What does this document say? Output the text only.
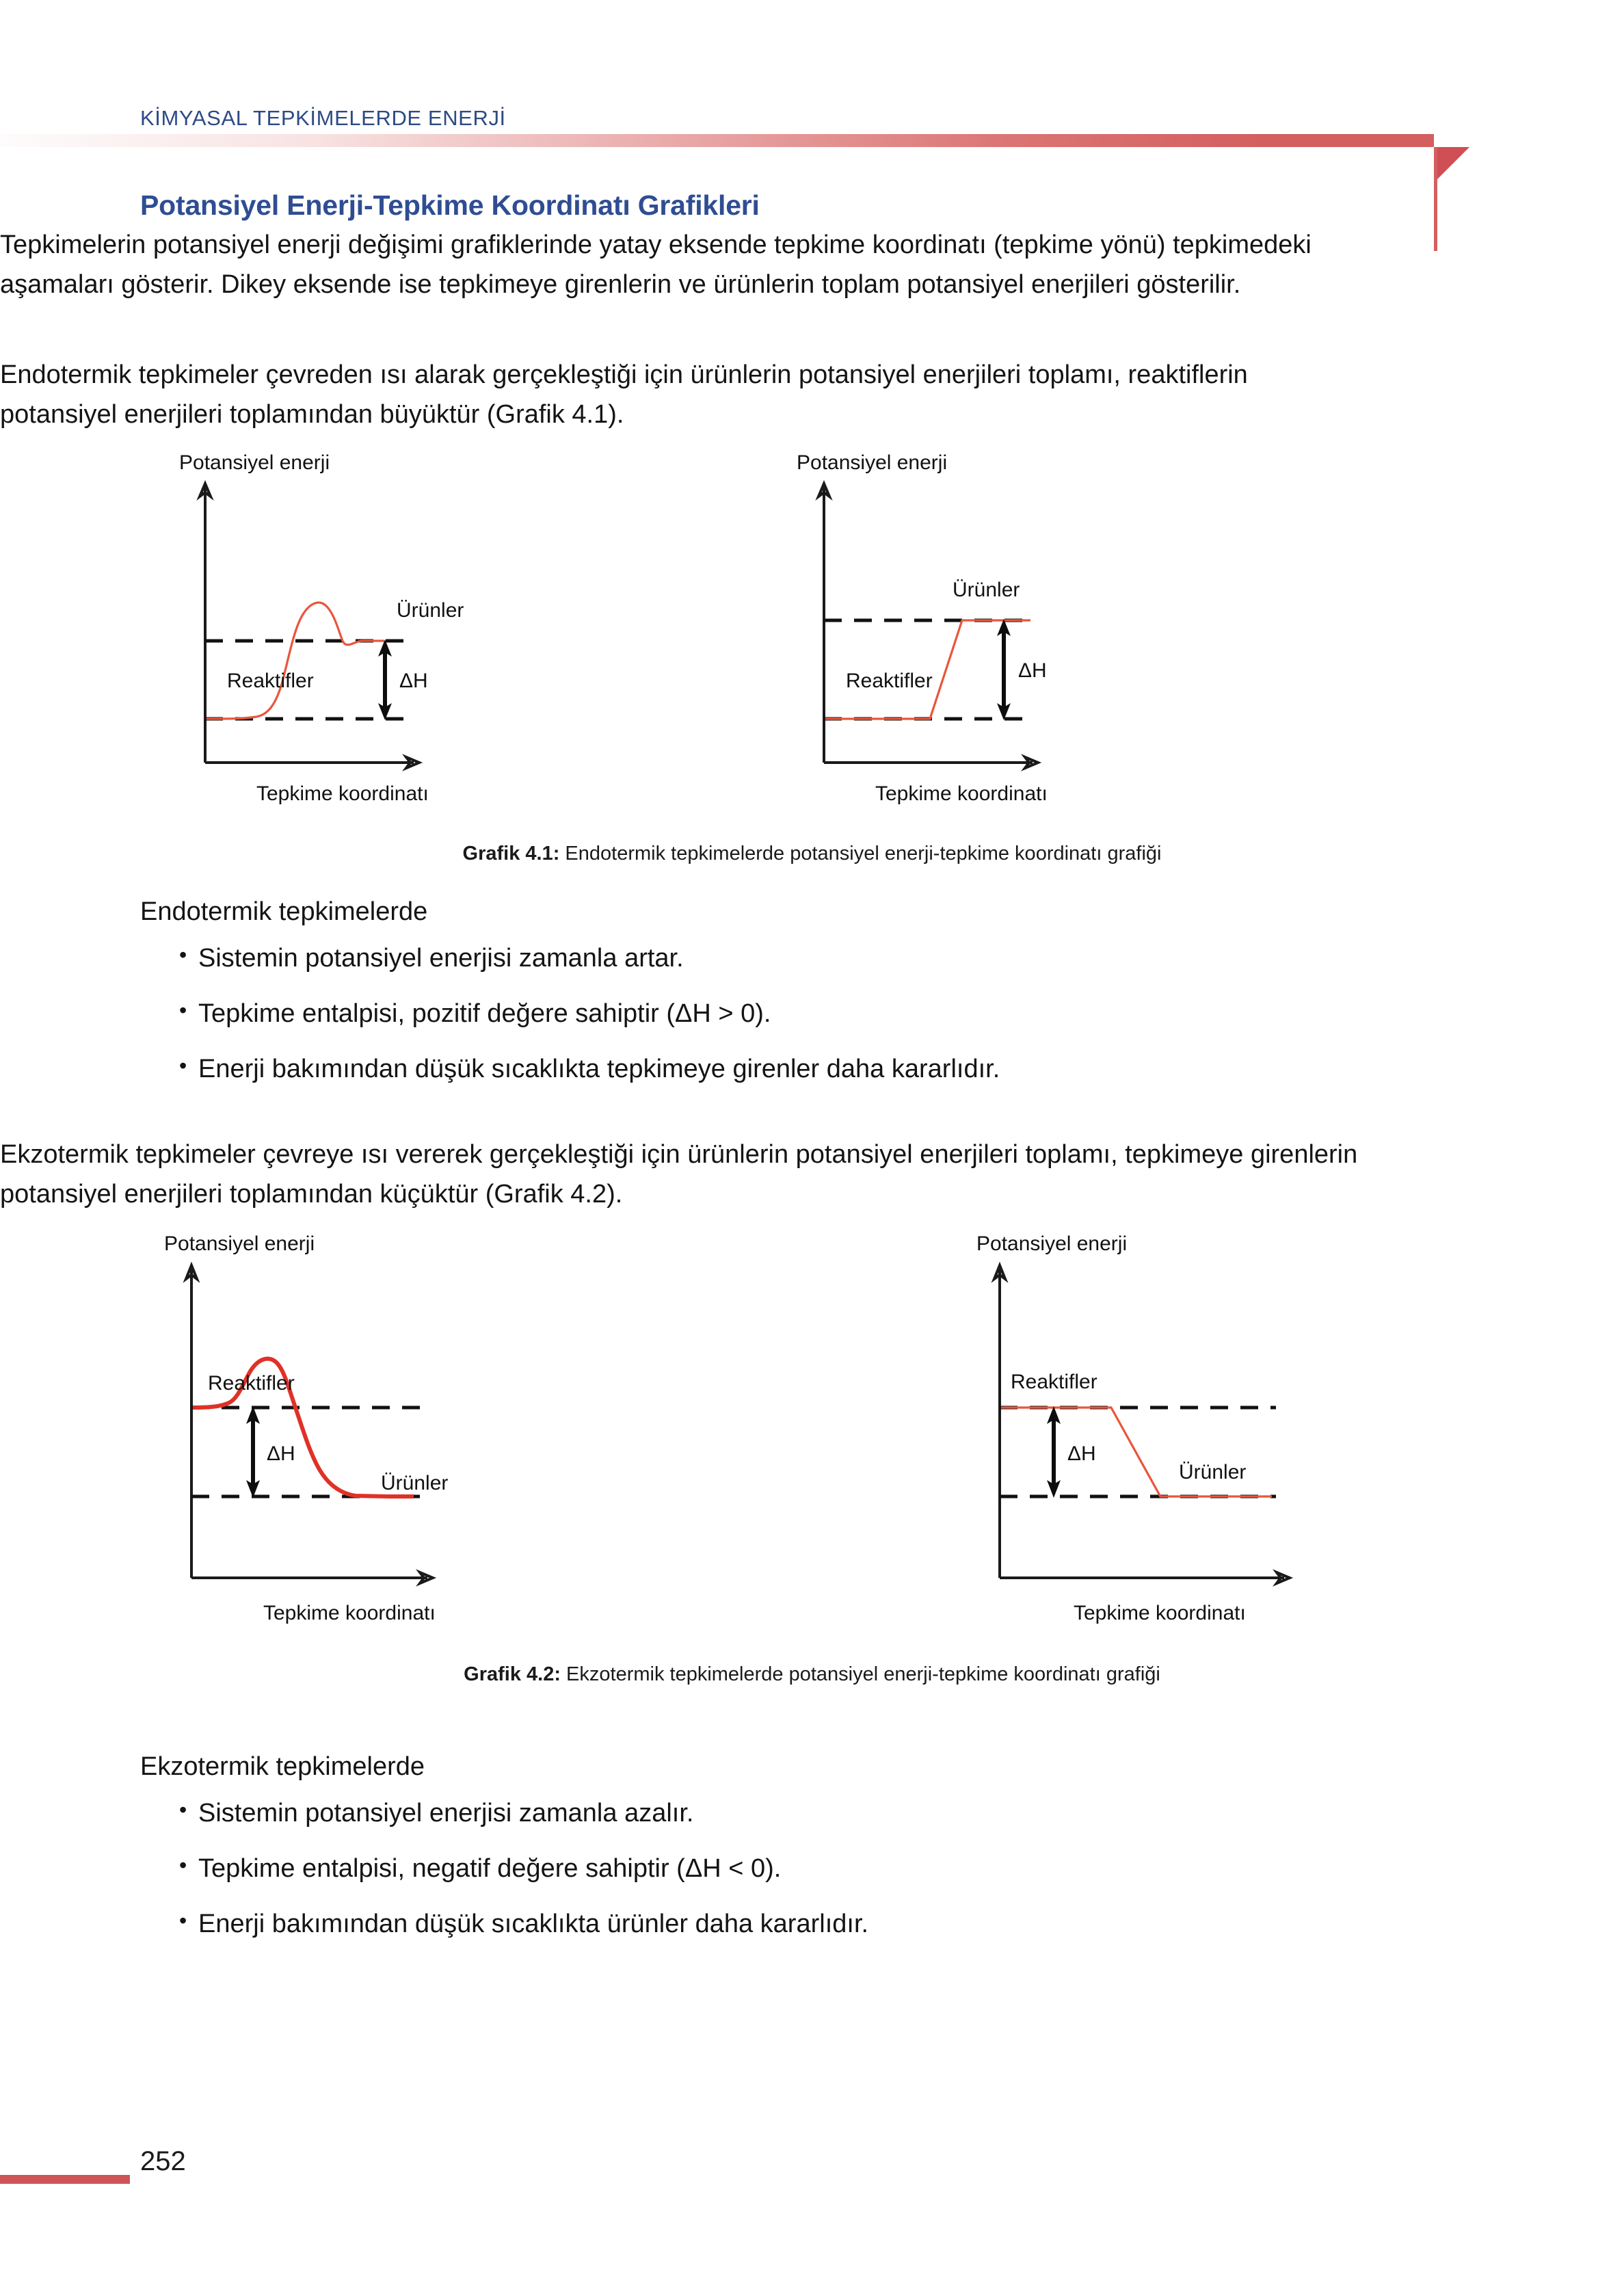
KİMYASAL TEPKİMELERDE ENERJİ
Potansiyel Enerji-Tepkime Koordinatı Grafikleri

Tepkimelerin potansiyel enerji değişimi grafiklerinde yatay eksende tepkime koordinatı (tepkime yönü) tepkimedeki aşamaları gösterir. Dikey eksende ise tepkimeye girenlerin ve ürünlerin toplam potansiyel enerjileri gösterilir.

Endotermik tepkimeler çevreden ısı alarak gerçekleştiği için ürünlerin potansiyel enerjileri toplamı, reaktiflerin potansiyel enerjileri toplamından büyüktür (Grafik 4.1).

Potansiyel enerji
Reaktifler
Ürünler
ΔH
Tepkime koordinatı
Potansiyel enerji
Reaktifler
Ürünler
ΔH
Tepkime koordinatı
Grafik 4.1: Endotermik tepkimelerde potansiyel enerji-tepkime koordinatı grafiği
Endotermik tepkimelerde
• Sistemin potansiyel enerjisi zamanla artar.
• Tepkime entalpisi, pozitif değere sahiptir (ΔH > 0).
• Enerji bakımından düşük sıcaklıkta tepkimeye girenler daha kararlıdır.

Ekzotermik tepkimeler çevreye ısı vererek gerçekleştiği için ürünlerin potansiyel enerjileri toplamı, tepkimeye girenlerin potansiyel enerjileri toplamından küçüktür (Grafik 4.2).

Potansiyel enerji
Reaktifler
Ürünler
ΔH
Tepkime koordinatı
Potansiyel enerji
Reaktifler
Ürünler
ΔH
Tepkime koordinatı
Grafik 4.2: Ekzotermik tepkimelerde potansiyel enerji-tepkime koordinatı grafiği
Ekzotermik tepkimelerde
• Sistemin potansiyel enerjisi zamanla azalır.
• Tepkime entalpisi, negatif değere sahiptir (ΔH < 0).
• Enerji bakımından düşük sıcaklıkta ürünler daha kararlıdır.
252
